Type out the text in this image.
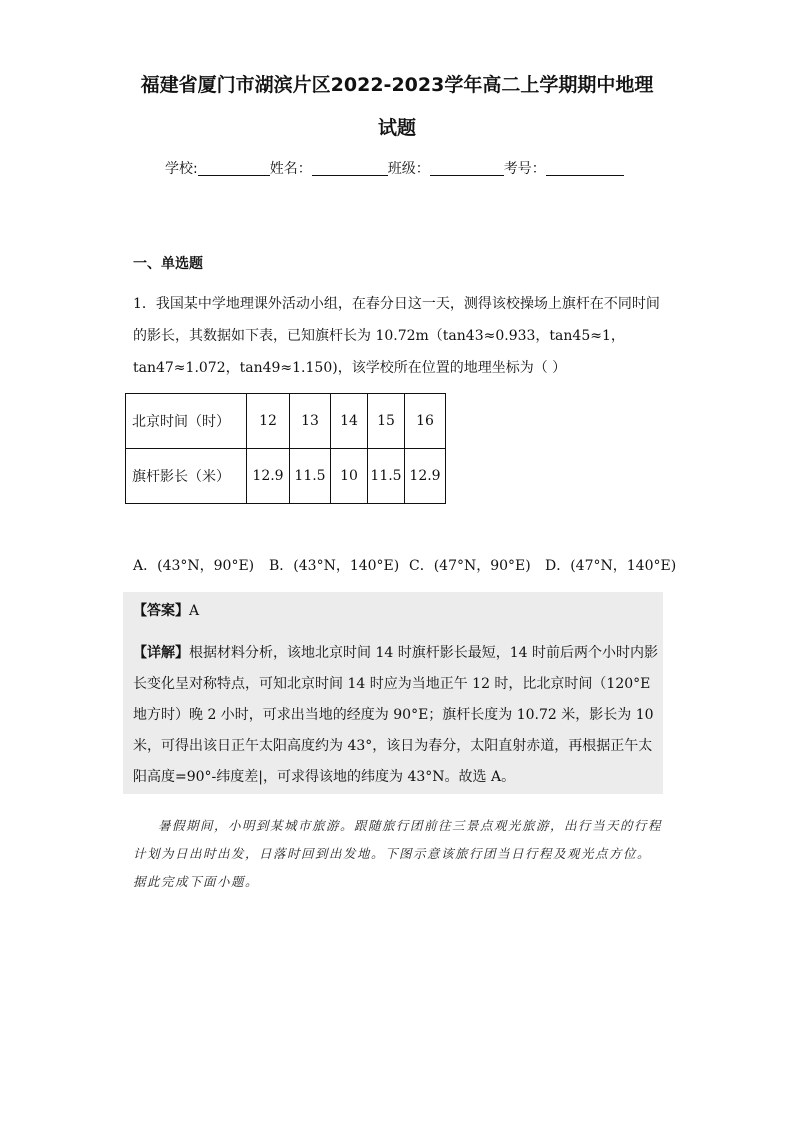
福建省厦门市湖滨片区2022-2023学年高二上学期期中地理
试题
学校:	姓名：	班级：	考号：
一、单选题
1．我国某中学地理课外活动小组，在春分日这一天，测得该校操场上旗杆在不同时间的影长，其数据如下表，已知旗杆长为 10.72m（tan43≈0.933，tan45≈1，tan47≈1.072，tan49≈1.150)，该学校所在位置的地理坐标为（ ）
北京时间（时）	12	13	14	15	16
旗杆影长（米）	12.9	11.5	10	11.5	12.9
A．(43°N，90°E) B．(43°N，140°E) C．(47°N，90°E) D．(47°N，140°E)
【答案】A
【详解】根据材料分析，该地北京时间 14 时旗杆影长最短，14 时前后两个小时内影长变化呈对称特点，可知北京时间 14 时应为当地正午 12 时，比北京时间（120°E 地方时）晚 2 小时，可求出当地的经度为 90°E；旗杆长度为 10.72 米，影长为 10 米，可得出该日正午太阳高度约为 43°，该日为春分，太阳直射赤道，再根据正午太阳高度=90°-纬度差|，可求得该地的纬度为 43°N。故选 A。
暑假期间，小明到某城市旅游。跟随旅行团前往三景点观光旅游，出行当天的行程计划为日出时出发，日落时回到出发地。下图示意该旅行团当日行程及观光点方位。据此完成下面小题。
